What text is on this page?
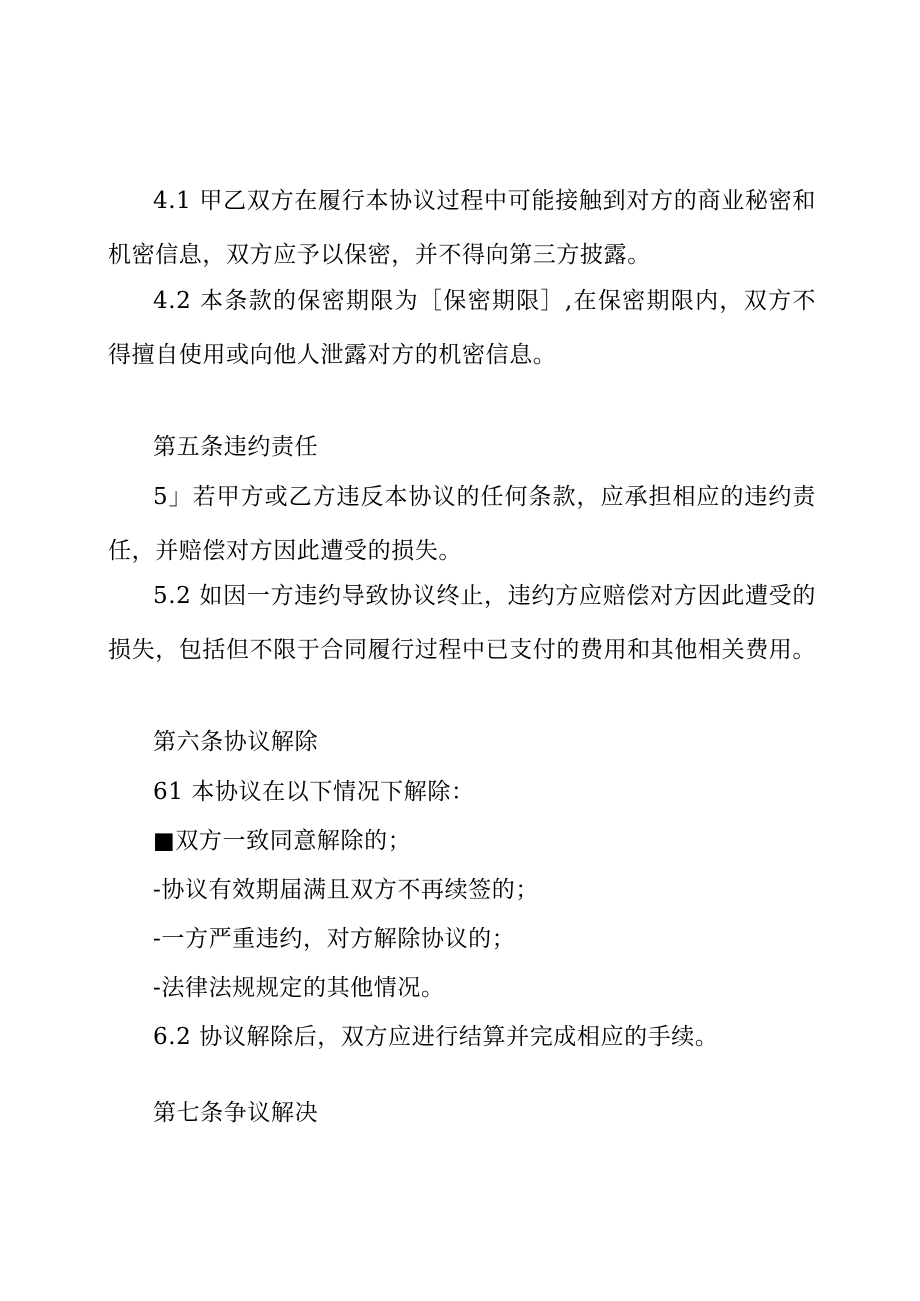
4.1 甲乙双方在履行本协议过程中可能接触到对方的商业秘密和机密信息，双方应予以保密，并不得向第三方披露。

4.2 本条款的保密期限为［保密期限］,在保密期限内，双方不得擅自使用或向他人泄露对方的机密信息。

第五条违约责任

5」若甲方或乙方违反本协议的任何条款，应承担相应的违约责任，并赔偿对方因此遭受的损失。

5.2 如因一方违约导致协议终止，违约方应赔偿对方因此遭受的损失，包括但不限于合同履行过程中已支付的费用和其他相关费用。

第六条协议解除

61 本协议在以下情况下解除：

■双方一致同意解除的；

-协议有效期届满且双方不再续签的；

-一方严重违约，对方解除协议的；

-法律法规规定的其他情况。

6.2 协议解除后，双方应进行结算并完成相应的手续。

第七条争议解决
